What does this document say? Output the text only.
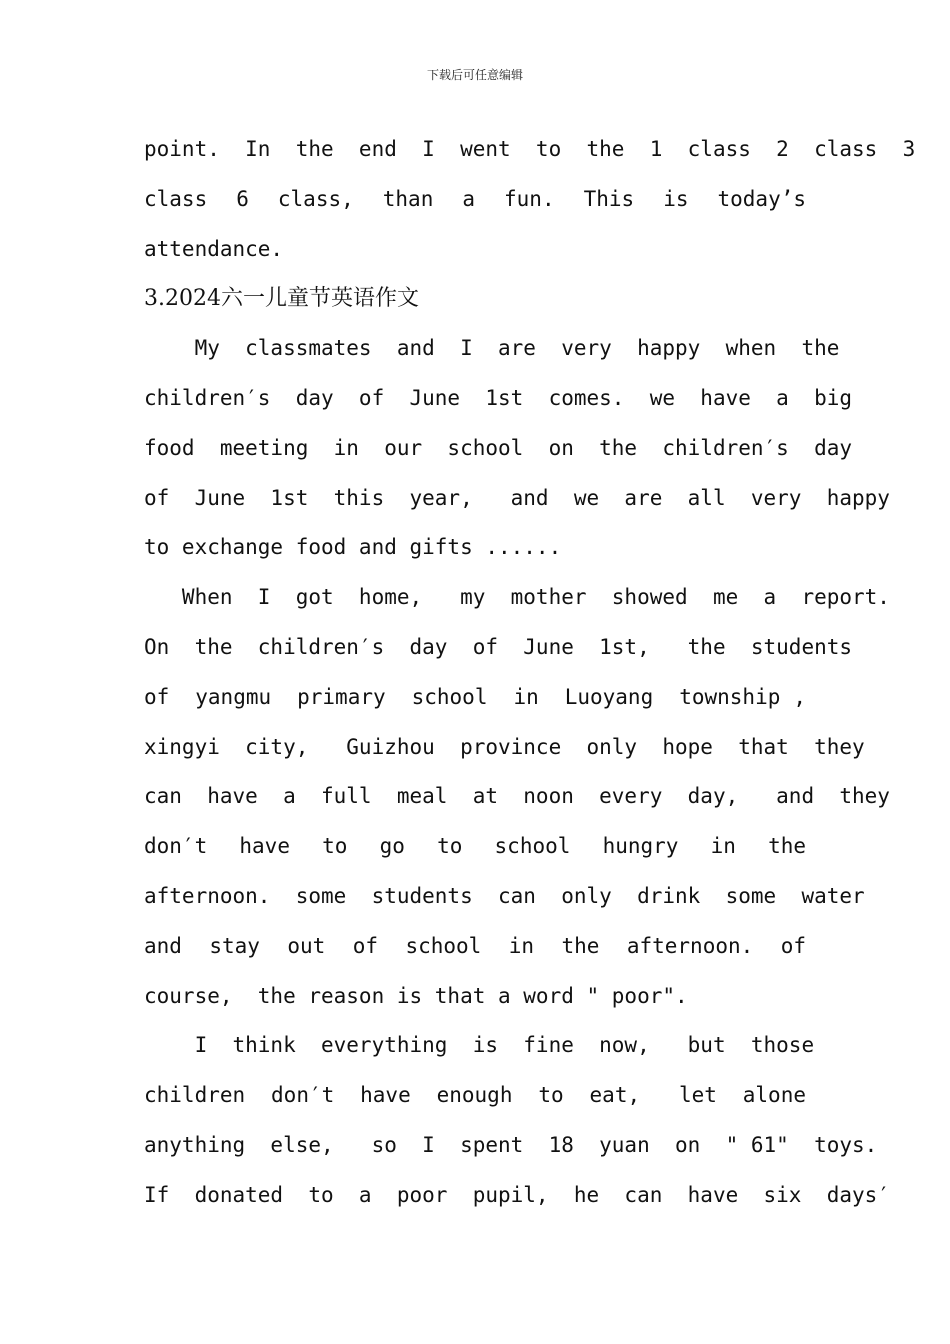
下载后可任意编辑
point.  In  the  end  I  went  to  the  1  class  2  class  3
class  6  class,  than  a  fun.  This  is  today’s
attendance.
3.2024六一儿童节英语作文
My  classmates  and  I  are  very  happy  when  the
children′s  day  of  June  1st  comes.  we  have  a  big
food  meeting  in  our  school  on  the  children′s  day
of  June  1st  this  year,   and  we  are  all  very  happy
to exchange food and gifts ......
When  I  got  home,   my  mother  showed  me  a  report.
On  the  children′s  day  of  June  1st,   the  students
of  yangmu  primary  school  in  Luoyang  township ,
xingyi  city,   Guizhou  province  only  hope  that  they
can  have  a  full  meal  at  noon  every  day,   and  they
don′t  have  to  go  to  school  hungry  in  the
afternoon.  some  students  can  only  drink  some  water
and  stay  out  of  school  in  the  afternoon.  of
course,  the reason is that a word " poor".
I  think  everything  is  fine  now,   but  those
children  don′t  have  enough  to  eat,   let  alone
anything  else,   so  I  spent  18  yuan  on  " 61"  toys.
If  donated  to  a  poor  pupil,  he  can  have  six  days′
